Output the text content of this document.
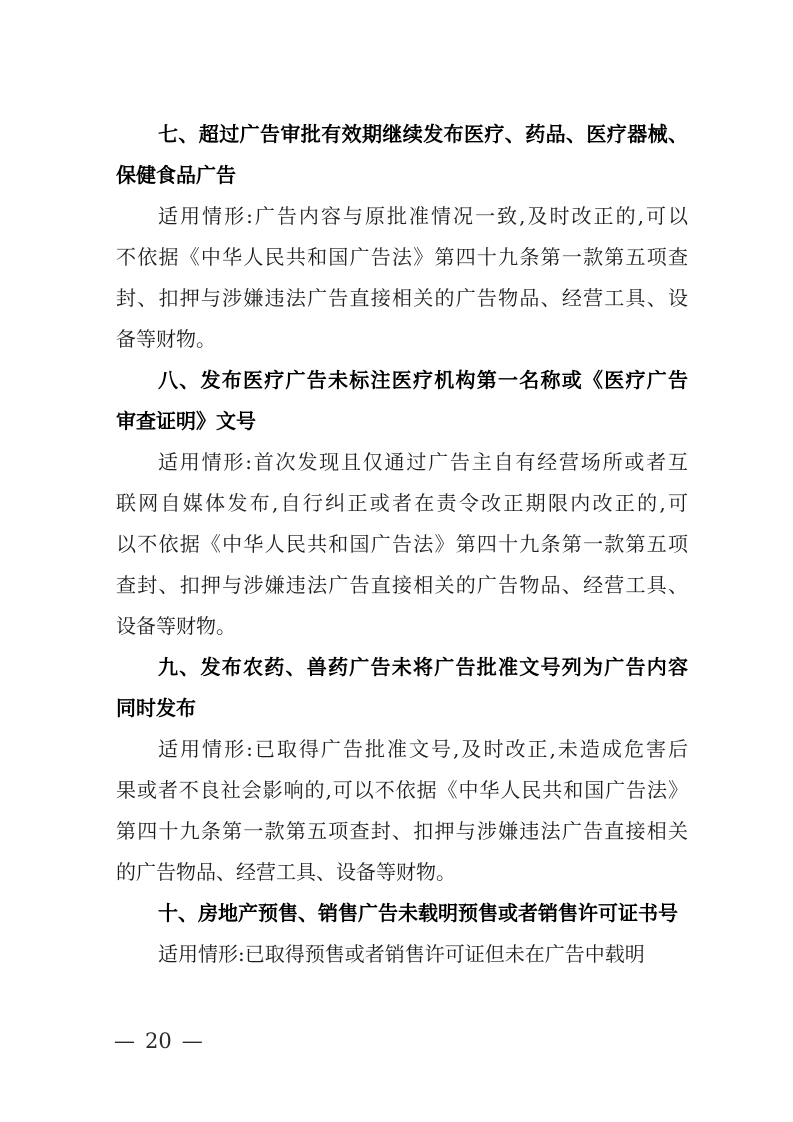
七、超过广告审批有效期继续发布医疗、药品、医疗器械、
保健食品广告
适用情形:广告内容与原批准情况一致,及时改正的,可以
不依据《中华人民共和国广告法》第四十九条第一款第五项查
封、扣押与涉嫌违法广告直接相关的广告物品、经营工具、设
备等财物。
八、发布医疗广告未标注医疗机构第一名称或《医疗广告
审查证明》文号
适用情形:首次发现且仅通过广告主自有经营场所或者互
联网自媒体发布,自行纠正或者在责令改正期限内改正的,可
以不依据《中华人民共和国广告法》第四十九条第一款第五项
查封、扣押与涉嫌违法广告直接相关的广告物品、经营工具、
设备等财物。
九、发布农药、兽药广告未将广告批准文号列为广告内容
同时发布
适用情形:已取得广告批准文号,及时改正,未造成危害后
果或者不良社会影响的,可以不依据《中华人民共和国广告法》
第四十九条第一款第五项查封、扣押与涉嫌违法广告直接相关
的广告物品、经营工具、设备等财物。
十、房地产预售、销售广告未载明预售或者销售许可证书号
适用情形:已取得预售或者销售许可证但未在广告中载明
— 20 —
